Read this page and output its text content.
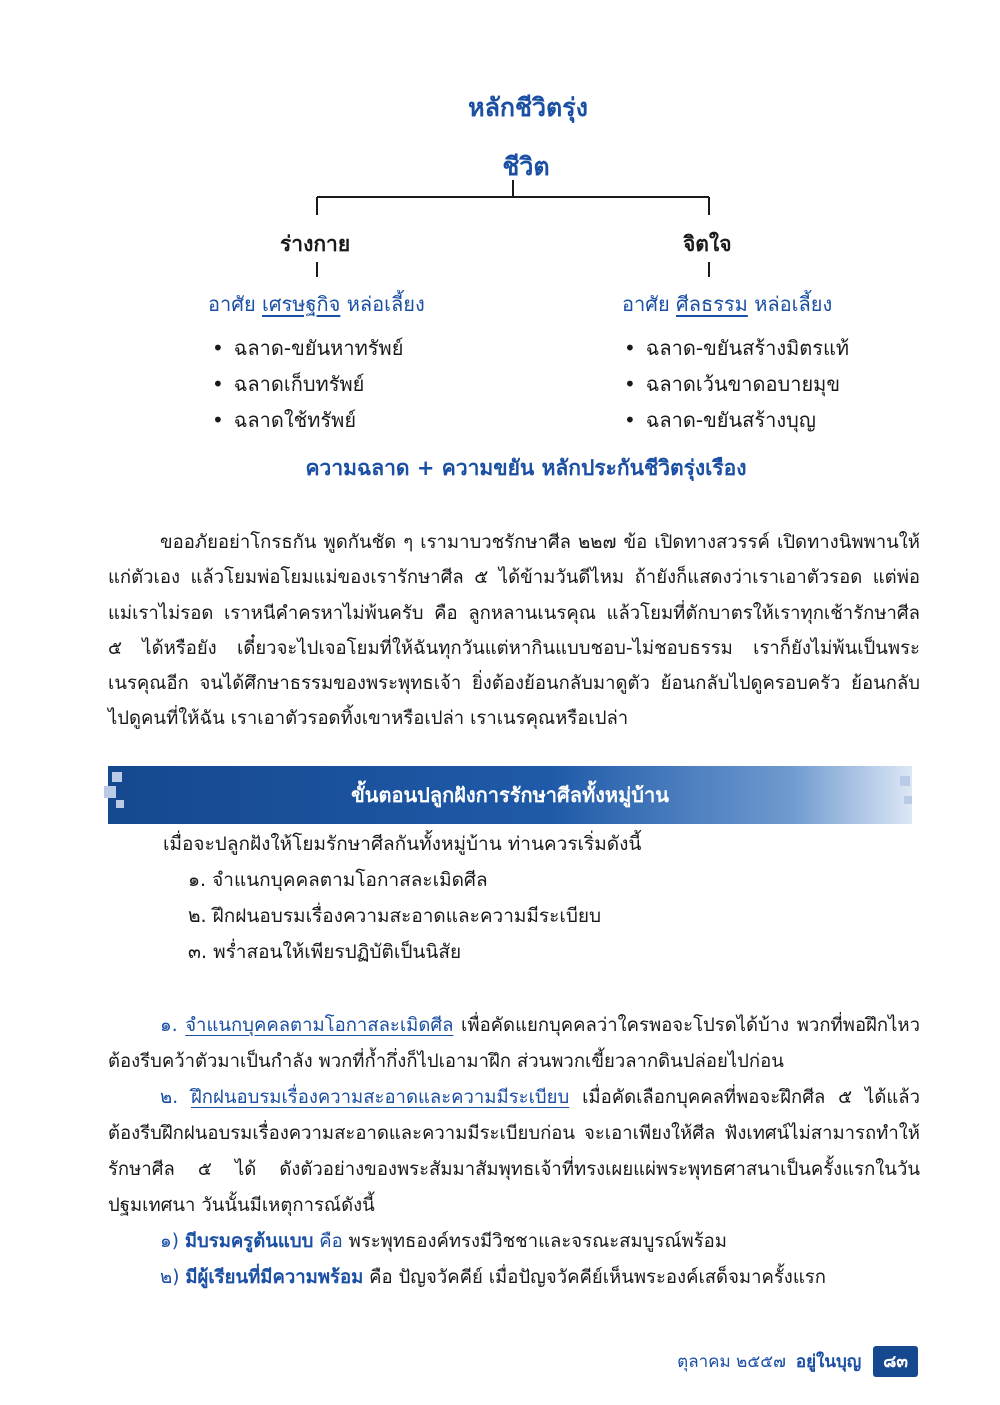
หลักชีวิตรุ่ง
ชีวิต
ร่างกาย	จิตใจ
อาศัย เศรษฐกิจ หล่อเลี้ยง	อาศัย ศีลธรรม หล่อเลี้ยง
• ฉลาด-ขยันหาทรัพย์
• ฉลาดเก็บทรัพย์
• ฉลาดใช้ทรัพย์
• ฉลาด-ขยันสร้างมิตรแท้
• ฉลาดเว้นขาดอบายมุข
• ฉลาด-ขยันสร้างบุญ
ความฉลาด + ความขยัน หลักประกันชีวิตรุ่งเรือง

ขออภัยอย่าโกรธกัน พูดกันชัด ๆ เรามาบวชรักษาศีล ๒๒๗ ข้อ เปิดทางสวรรค์ เปิดทางนิพพานให้แก่ตัวเอง แล้วโยมพ่อโยมแม่ของเรารักษาศีล ๕ ได้ข้ามวันดีไหม ถ้ายังก็แสดงว่าเราเอาตัวรอด แต่พ่อแม่เราไม่รอด เราหนีคำครหาไม่พ้นครับ คือ ลูกหลานเนรคุณ แล้วโยมที่ตักบาตรให้เราทุกเช้ารักษาศีล ๕ ได้หรือยัง เดี๋ยวจะไปเจอโยมที่ให้ฉันทุกวันแต่หากินแบบชอบ-ไม่ชอบธรรม เราก็ยังไม่พ้นเป็นพระเนรคุณอีก จนได้ศึกษาธรรมของพระพุทธเจ้า ยิ่งต้องย้อนกลับมาดูตัว ย้อนกลับไปดูครอบครัว ย้อนกลับไปดูคนที่ให้ฉัน เราเอาตัวรอดทิ้งเขาหรือเปล่า เราเนรคุณหรือเปล่า

ขั้นตอนปลูกฝังการรักษาศีลทั้งหมู่บ้าน
เมื่อจะปลูกฝังให้โยมรักษาศีลกันทั้งหมู่บ้าน ท่านควรเริ่มดังนี้
๑. จำแนกบุคคลตามโอกาสละเมิดศีล
๒. ฝึกฝนอบรมเรื่องความสะอาดและความมีระเบียบ
๓. พร่ำสอนให้เพียรปฏิบัติเป็นนิสัย

๑. จำแนกบุคคลตามโอกาสละเมิดศีล เพื่อคัดแยกบุคคลว่าใครพอจะโปรดได้บ้าง พวกที่พอฝึกไหว ต้องรีบคว้าตัวมาเป็นกำลัง พวกที่ก้ำกึ่งก็ไปเอามาฝึก ส่วนพวกเขี้ยวลากดินปล่อยไปก่อน

๒. ฝึกฝนอบรมเรื่องความสะอาดและความมีระเบียบ เมื่อคัดเลือกบุคคลที่พอจะฝึกศีล ๕ ได้แล้ว ต้องรีบฝึกฝนอบรมเรื่องความสะอาดและความมีระเบียบก่อน จะเอาเพียงให้ศีล ฟังเทศน์ไม่สามารถทำให้รักษาศีล ๕ ได้ ดังตัวอย่างของพระสัมมาสัมพุทธเจ้าที่ทรงเผยแผ่พระพุทธศาสนาเป็นครั้งแรกในวันปฐมเทศนา วันนั้นมีเหตุการณ์ดังนี้

๑) มีบรมครูต้นแบบ คือ พระพุทธองค์ทรงมีวิชชาและจรณะสมบูรณ์พร้อม

๒) มีผู้เรียนที่มีความพร้อม คือ ปัญจวัคคีย์ เมื่อปัญจวัคคีย์เห็นพระองค์เสด็จมาครั้งแรก

ตุลาคม ๒๕๕๗ อยู่ในบุญ	๘๓
